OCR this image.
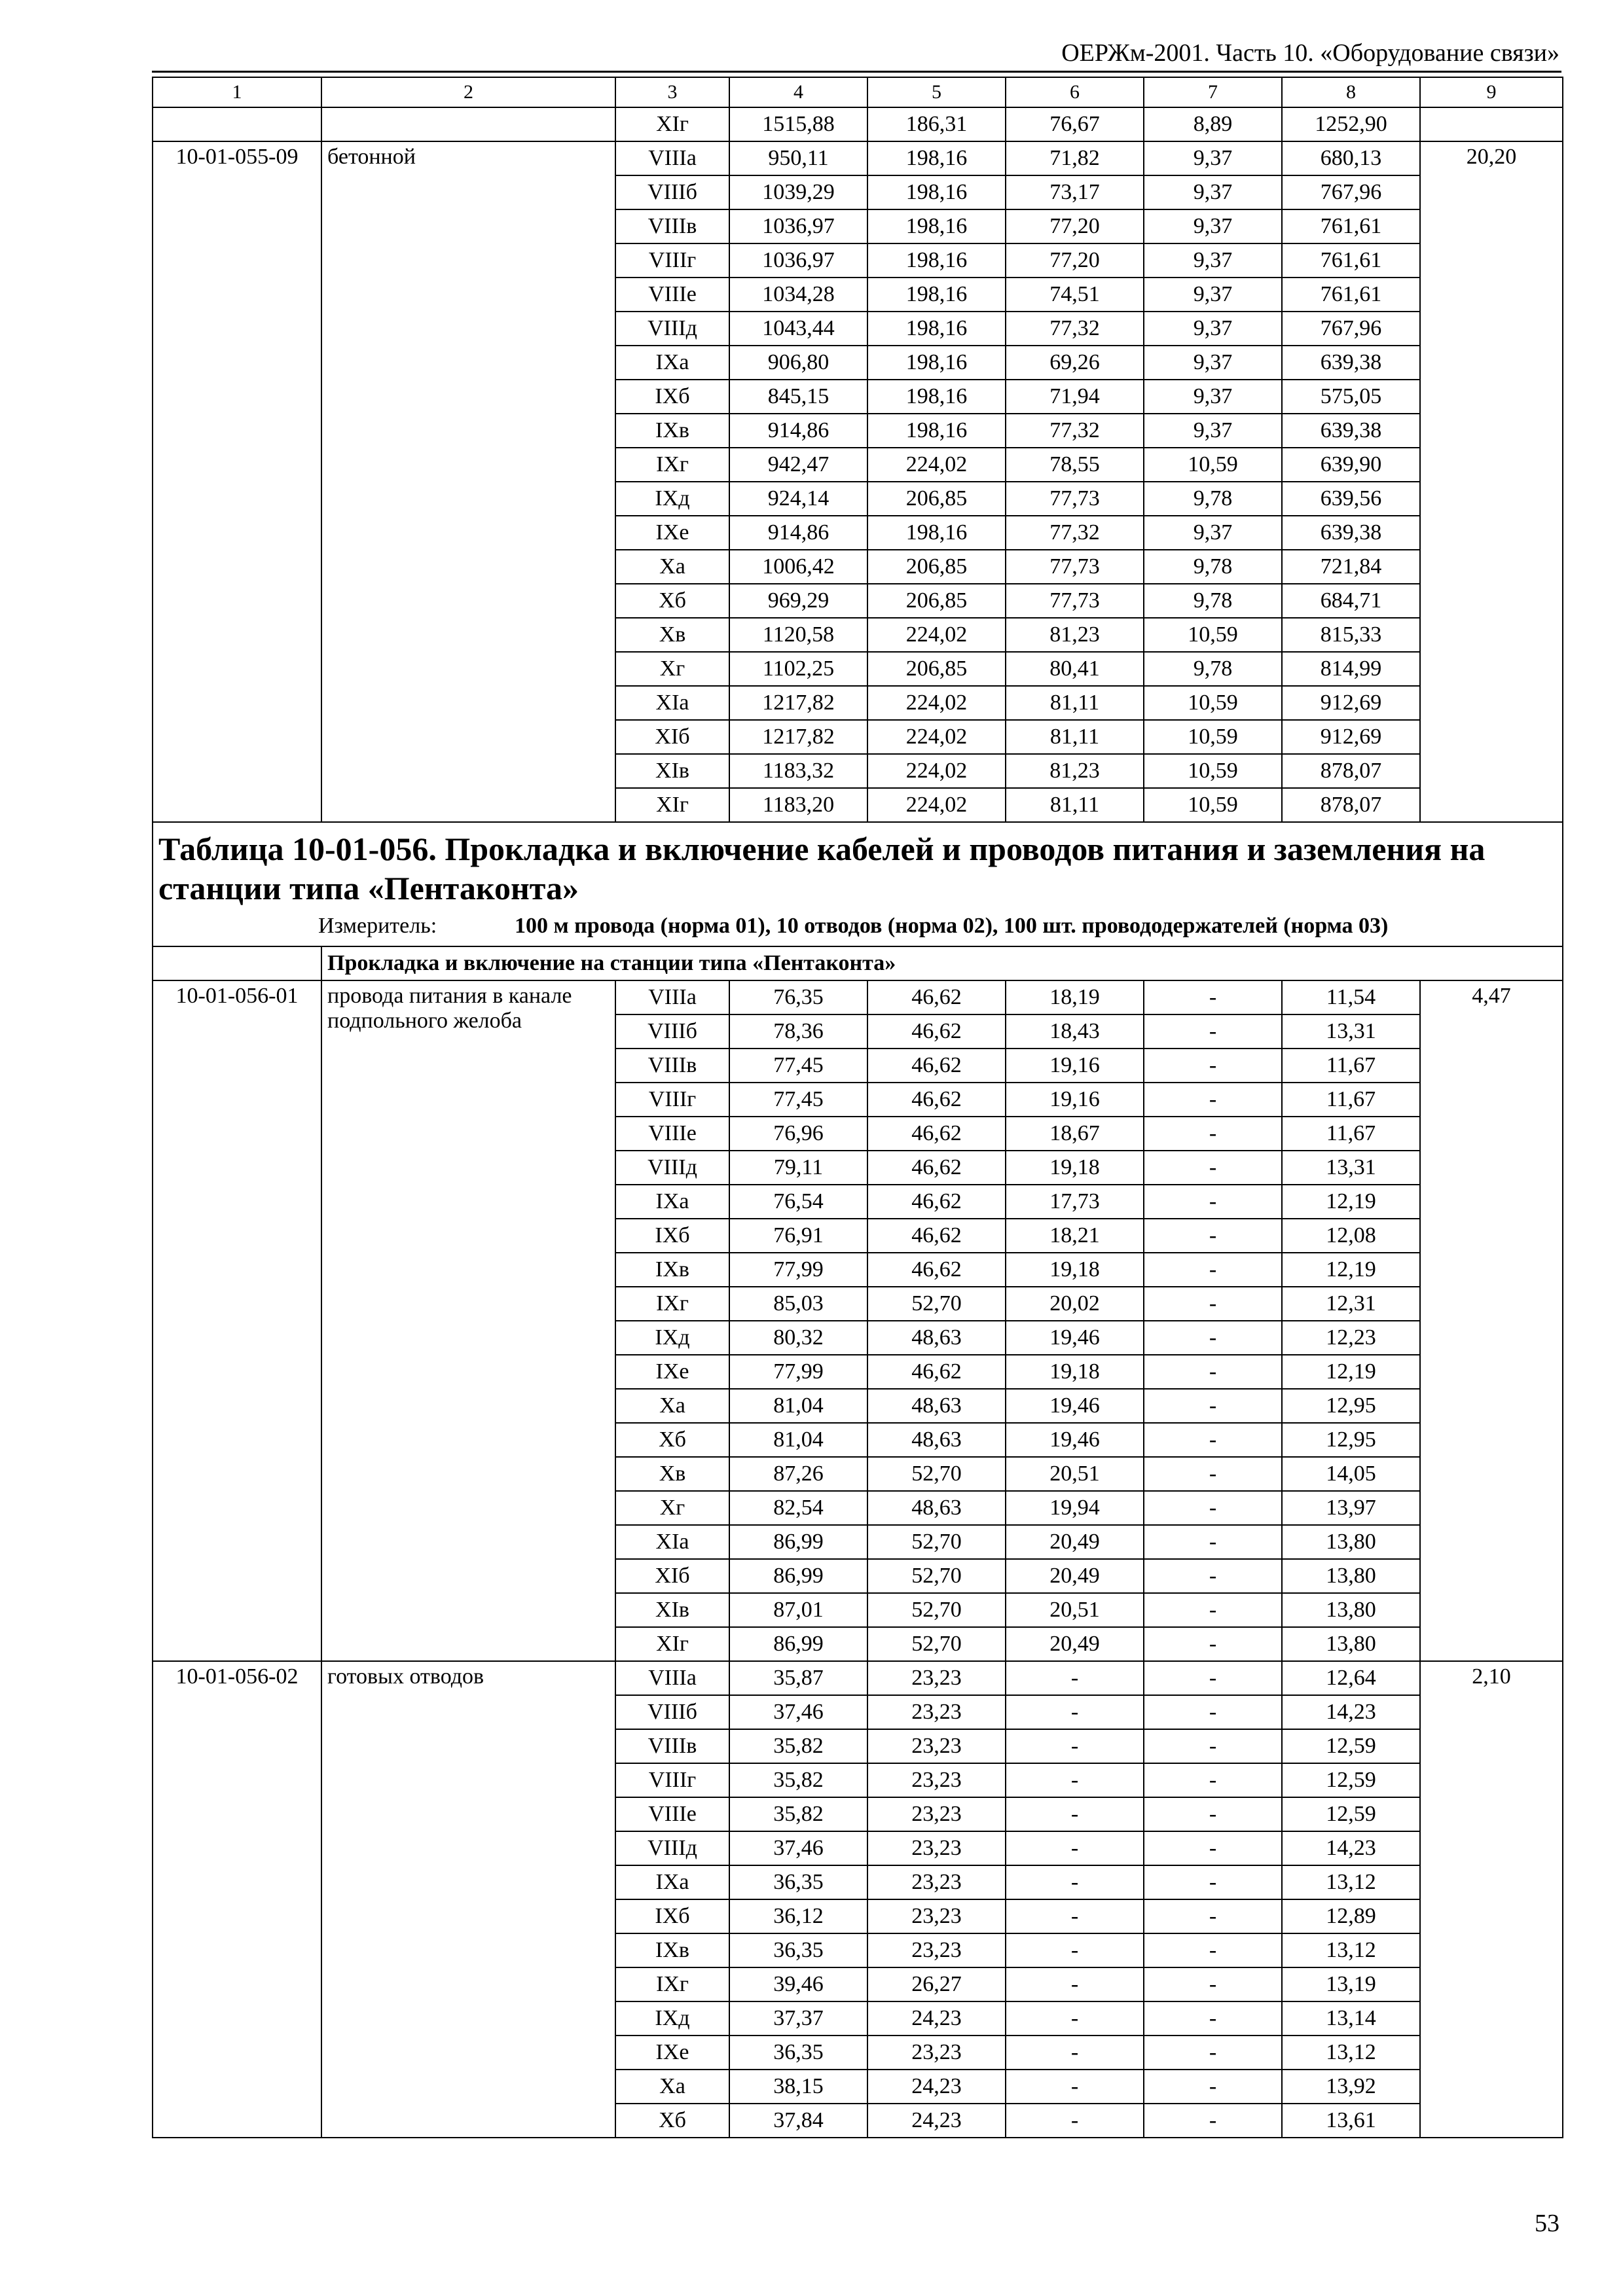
ОЕРЖм-2001. Часть 10. «Оборудование связи»
1	2	3	4	5	6	7	8	9
		XIг	1515,88	186,31	76,67	8,89	1252,90	
10-01-055-09	бетонной	VIIIа	950,11	198,16	71,82	9,37	680,13	20,20
		VIIIб	1039,29	198,16	73,17	9,37	767,96	
		VIIIв	1036,97	198,16	77,20	9,37	761,61	
		VIIIг	1036,97	198,16	77,20	9,37	761,61	
		VIIIе	1034,28	198,16	74,51	9,37	761,61	
		VIIIд	1043,44	198,16	77,32	9,37	767,96	
		IXа	906,80	198,16	69,26	9,37	639,38	
		IXб	845,15	198,16	71,94	9,37	575,05	
		IXв	914,86	198,16	77,32	9,37	639,38	
		IXг	942,47	224,02	78,55	10,59	639,90	
		IXд	924,14	206,85	77,73	9,78	639,56	
		IXе	914,86	198,16	77,32	9,37	639,38	
		Xа	1006,42	206,85	77,73	9,78	721,84	
		Xб	969,29	206,85	77,73	9,78	684,71	
		Xв	1120,58	224,02	81,23	10,59	815,33	
		Xг	1102,25	206,85	80,41	9,78	814,99	
		XIа	1217,82	224,02	81,11	10,59	912,69	
		XIб	1217,82	224,02	81,11	10,59	912,69	
		XIв	1183,32	224,02	81,23	10,59	878,07	
		XIг	1183,20	224,02	81,11	10,59	878,07	

Таблица 10-01-056. Прокладка и включение кабелей и проводов питания и заземления на
станции типа «Пентаконта»
Измеритель: 100 м провода (норма 01), 10 отводов (норма 02), 100 шт. провододержателей (норма 03)								

	Прокладка и включение на станции типа «Пентаконта»							
10-01-056-01	провода питания в канале подпольного желоба	VIIIа	76,35	46,62	18,19	-	11,54	4,47
		VIIIб	78,36	46,62	18,43	-	13,31	
		VIIIв	77,45	46,62	19,16	-	11,67	
		VIIIг	77,45	46,62	19,16	-	11,67	
		VIIIе	76,96	46,62	18,67	-	11,67	
		VIIIд	79,11	46,62	19,18	-	13,31	
		IXа	76,54	46,62	17,73	-	12,19	
		IXб	76,91	46,62	18,21	-	12,08	
		IXв	77,99	46,62	19,18	-	12,19	
		IXг	85,03	52,70	20,02	-	12,31	
		IXд	80,32	48,63	19,46	-	12,23	
		IXе	77,99	46,62	19,18	-	12,19	
		Xа	81,04	48,63	19,46	-	12,95	
		Xб	81,04	48,63	19,46	-	12,95	
		Xв	87,26	52,70	20,51	-	14,05	
		Xг	82,54	48,63	19,94	-	13,97	
		XIа	86,99	52,70	20,49	-	13,80	
		XIб	86,99	52,70	20,49	-	13,80	
		XIв	87,01	52,70	20,51	-	13,80	
		XIг	86,99	52,70	20,49	-	13,80	
10-01-056-02	готовых отводов	VIIIа	35,87	23,23	-	-	12,64	2,10
		VIIIб	37,46	23,23	-	-	14,23	
		VIIIв	35,82	23,23	-	-	12,59	
		VIIIг	35,82	23,23	-	-	12,59	
		VIIIе	35,82	23,23	-	-	12,59	
		VIIIд	37,46	23,23	-	-	14,23	
		IXа	36,35	23,23	-	-	13,12	
		IXб	36,12	23,23	-	-	12,89	
		IXв	36,35	23,23	-	-	13,12	
		IXг	39,46	26,27	-	-	13,19	
		IXд	37,37	24,23	-	-	13,14	
		IXе	36,35	23,23	-	-	13,12	
		Xа	38,15	24,23	-	-	13,92	
		Xб	37,84	24,23	-	-	13,61	
53
